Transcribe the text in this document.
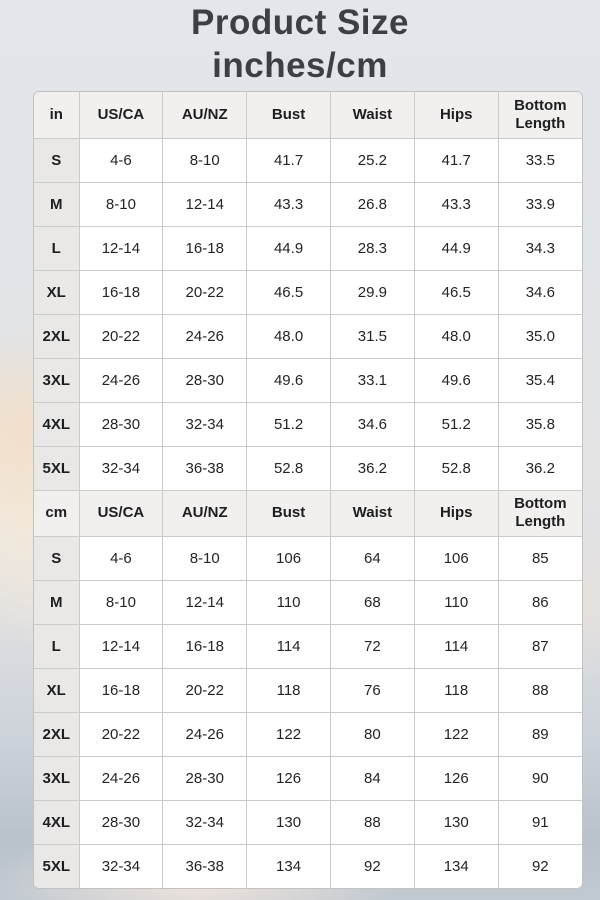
Product Size
inches/cm
in	US/CA	AU/NZ	Bust	Waist	Hips	Bottom Length
S	4-6	8-10	41.7	25.2	41.7	33.5
M	8-10	12-14	43.3	26.8	43.3	33.9
L	12-14	16-18	44.9	28.3	44.9	34.3
XL	16-18	20-22	46.5	29.9	46.5	34.6
2XL	20-22	24-26	48.0	31.5	48.0	35.0
3XL	24-26	28-30	49.6	33.1	49.6	35.4
4XL	28-30	32-34	51.2	34.6	51.2	35.8
5XL	32-34	36-38	52.8	36.2	52.8	36.2
cm	US/CA	AU/NZ	Bust	Waist	Hips	Bottom Length
S	4-6	8-10	106	64	106	85
M	8-10	12-14	110	68	110	86
L	12-14	16-18	114	72	114	87
XL	16-18	20-22	118	76	118	88
2XL	20-22	24-26	122	80	122	89
3XL	24-26	28-30	126	84	126	90
4XL	28-30	32-34	130	88	130	91
5XL	32-34	36-38	134	92	134	92
